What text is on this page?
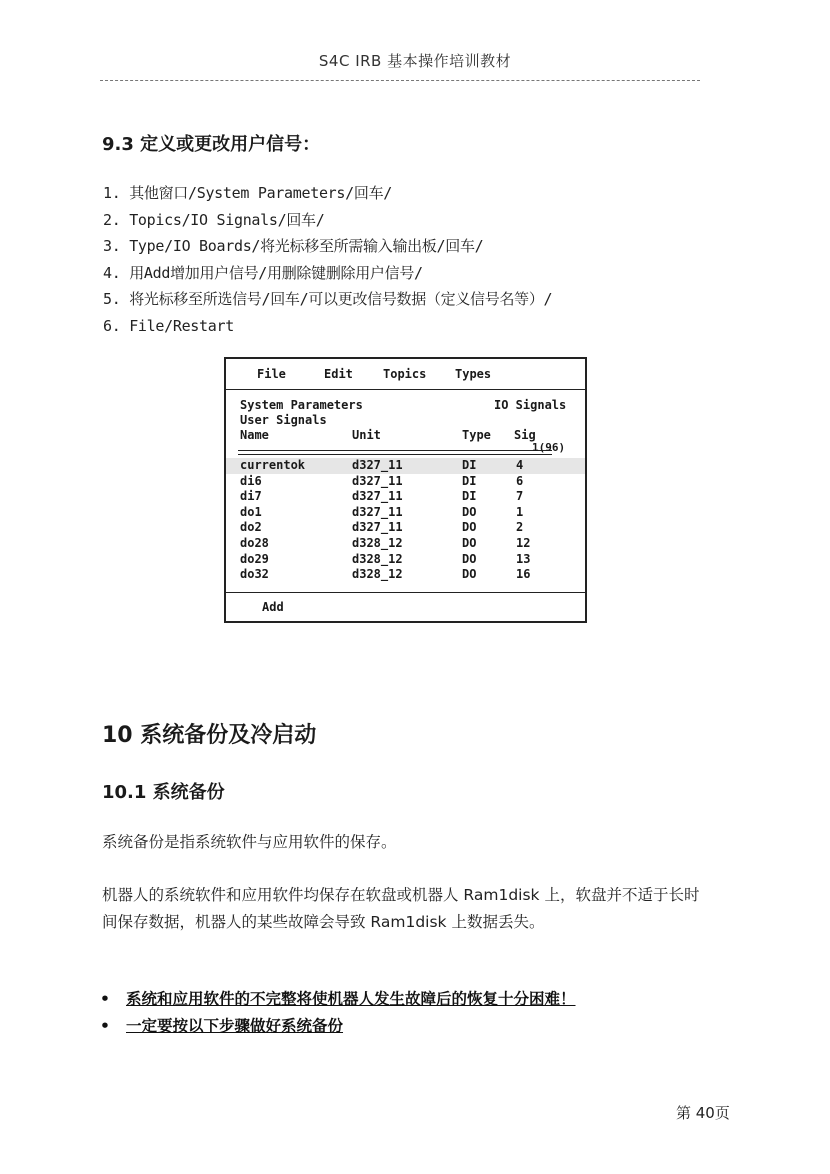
S4C IRB 基本操作培训教材
9.3 定义或更改用户信号：
1. 其他窗口/System Parameters/回车/
2. Topics/IO Signals/回车/
3. Type/IO Boards/将光标移至所需输入输出板/回车/
4. 用Add增加用户信号/用删除键删除用户信号/
5. 将光标移至所选信号/回车/可以更改信号数据（定义信号名等）/
6. File/Restart
File	Edit	Topics Types
System Parameters	IO Signals
User Signals
Name	Unit	Type Sig
1(96)
currentok	d327_11	DI	4
di6	d327_11	DI	6
di7	d327_11	DI	7
do1	d327_11	DO	1
do2	d327_11	DO	2
do28	d328_12	DO	12
do29	d328_12	DO	13
do32	d328_12	DO	16
Add
10 系统备份及冷启动
10.1 系统备份

系统备份是指系统软件与应用软件的保存。

机器人的系统软件和应用软件均保存在软盘或机器人 Ram1disk 上，软盘并不适于长时间保存数据，机器人的某些故障会导致 Ram1disk 上数据丢失。

• 系统和应用软件的不完整将使机器人发生故障后的恢复十分困难！
• 一定要按以下步骤做好系统备份
第 40页
